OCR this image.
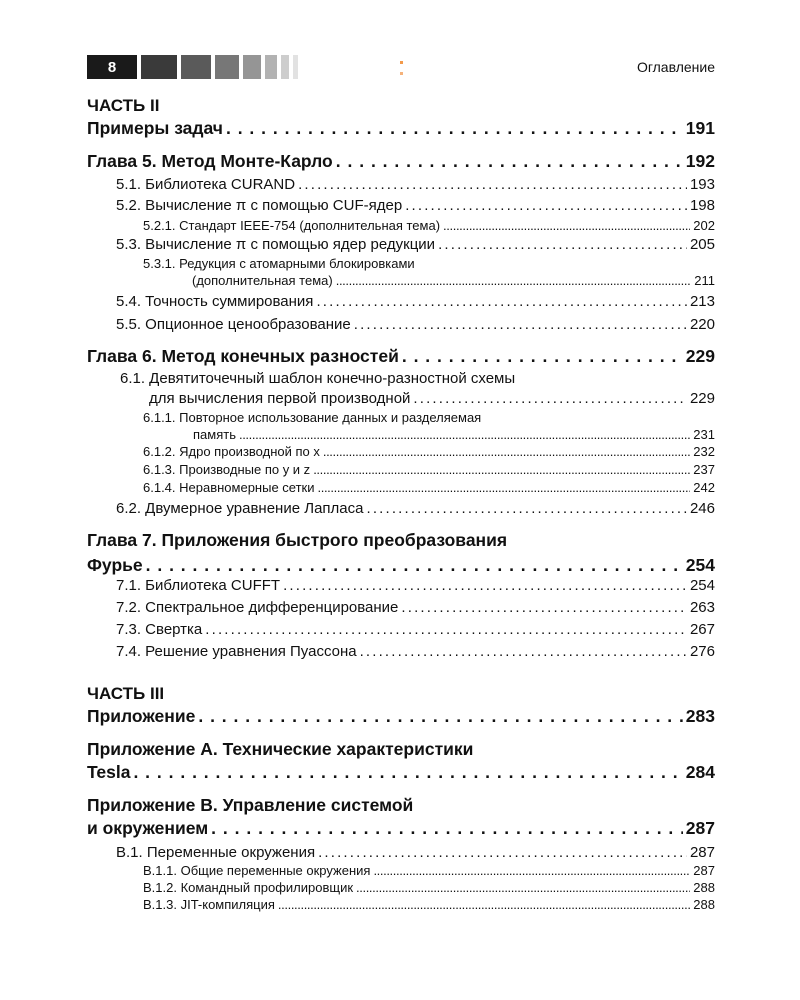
8	Оглавление
ЧАСТЬ II
Примеры задач . . .	191
Глава 5. Метод Монте-Карло . . .	192
5.1. Библиотека CURAND . . .	193
5.2. Вычисление π с помощью CUF-ядер . . .	198
5.2.1. Стандарт IEEE-754 (дополнительная тема) . . .	202
5.3. Вычисление π с помощью ядер редукции . . .	205
5.3.1. Редукция с атомарными блокировками
(дополнительная тема) . . .	211
5.4. Точность суммирования . . .	213
5.5. Опционное ценообразование . . .	220
Глава 6. Метод конечных разностей . . .	229
6.1. Девятиточечный шаблон конечно-разностной схемы
для вычисления первой производной . . .	229
6.1.1. Повторное использование данных и разделяемая
память . . .	231
6.1.2. Ядро производной по x . . .	232
6.1.3. Производные по y и z . . .	237
6.1.4. Неравномерные сетки . . .	242
6.2. Двумерное уравнение Лапласа . . .	246
Глава 7. Приложения быстрого преобразования
Фурье . . .	254
7.1. Библиотека CUFFT . . .	254
7.2. Спектральное дифференцирование . . .	263
7.3. Свертка . . .	267
7.4. Решение уравнения Пуассона . . .	276
ЧАСТЬ III
Приложение . . .	283
Приложение А. Технические характеристики
Tesla . . .	284
Приложение В. Управление системой
и окружением . . .	287
В.1. Переменные окружения . . .	287
В.1.1. Общие переменные окружения . . .	287
В.1.2. Командный профилировщик . . .	288
В.1.3. JIT-компиляция . . .	288
